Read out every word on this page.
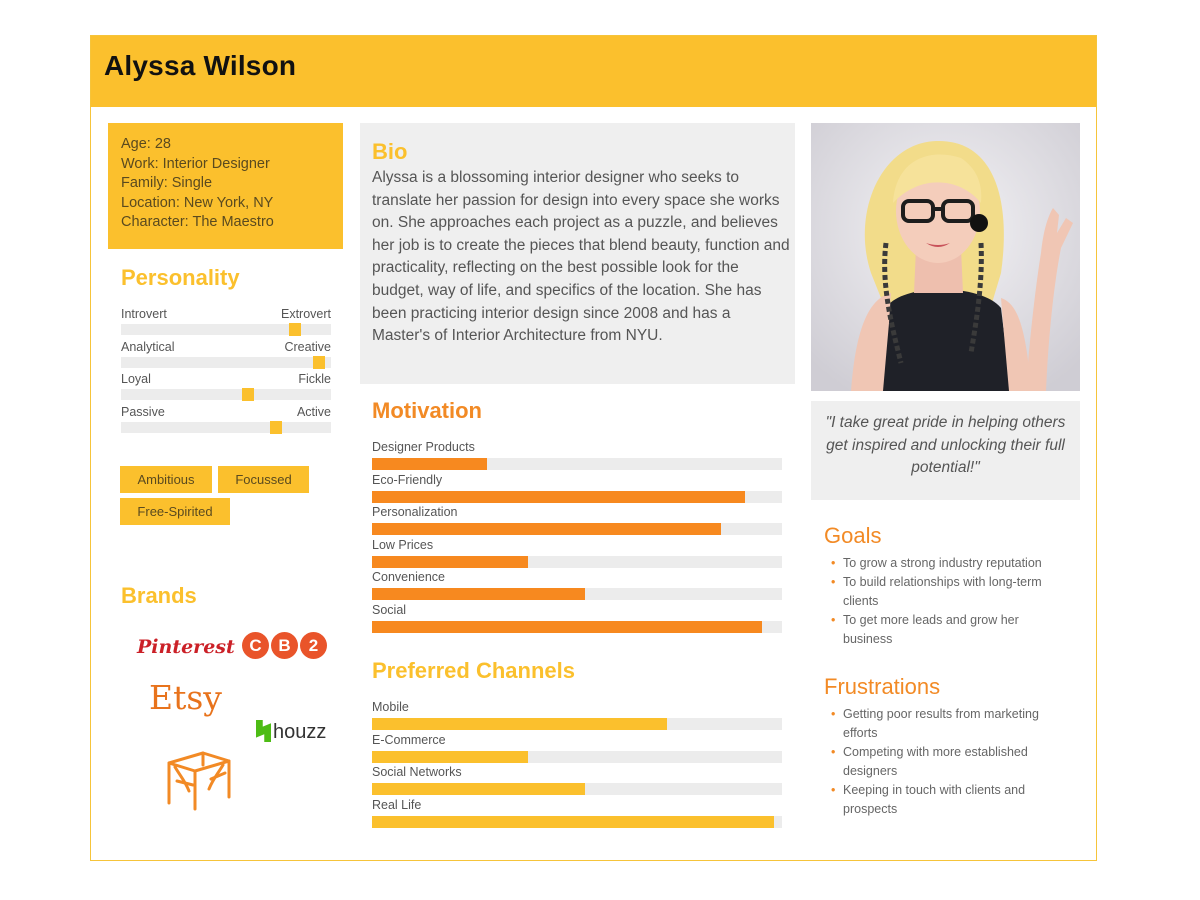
Alyssa Wilson
Age: 28
Work: Interior Designer
Family: Single
Location: New York, NY
Character: The Maestro
Personality
Introvert	Extrovert
Analytical	Creative
Loyal	Fickle
Passive	Active
Ambitious	Focussed
Free-Spirited
Brands
Pinterest C B 2
Etsy
houzz
Bio
Alyssa is a blossoming interior designer who seeks to translate her passion for design into every space she works on. She approaches each project as a puzzle, and believes her job is to create the pieces that blend beauty, function and practicality, reflecting on the best possible look for the budget, way of life, and specifics of the location. She has been practicing interior design since 2008 and has a Master's of Interior Architecture from NYU.
Motivation
Designer Products
Eco-Friendly
Personalization
Low Prices
Convenience
Social
Preferred Channels
Mobile
E-Commerce
Social Networks
Real Life
"I take great pride in helping others get inspired and unlocking their full potential!"
Goals
• To grow a strong industry reputation
• To build relationships with long-term clients
• To get more leads and grow her business
Frustrations
• Getting poor results from marketing efforts
• Competing with more established designers
• Keeping in touch with clients and prospects
